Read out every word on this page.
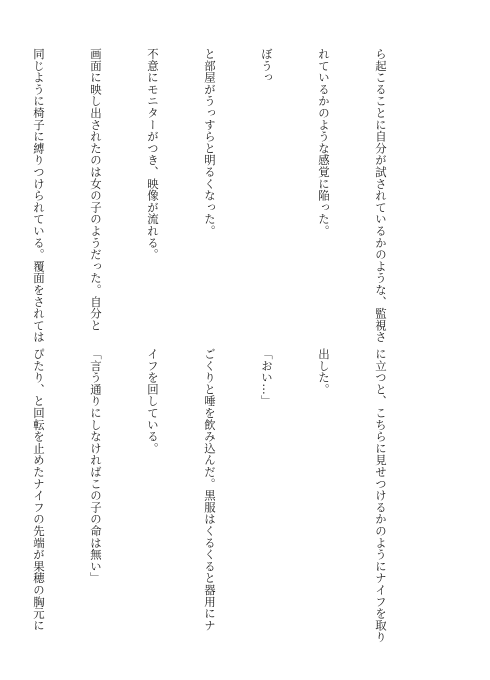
ら起こることに自分が試されているかのような、監視さ

れているかのような感覚に陥った。

ぼうっ

と部屋がうっすらと明るくなった。

不意にモニターがつき、映像が流れる。

画面に映し出されたのは女の子のようだった。自分と

同じように椅子に縛りつけられている。覆面をされては

に立つと、こちらに見せつけるかのようにナイフを取り

出した。

「おい…」

ごくりと唾を飲み込んだ。黒服はくるくると器用にナ

イフを回している。

「言う通りにしなければこの子の命は無い」

ぴたり、と回転を止めたナイフの先端が果穂の胸元に
